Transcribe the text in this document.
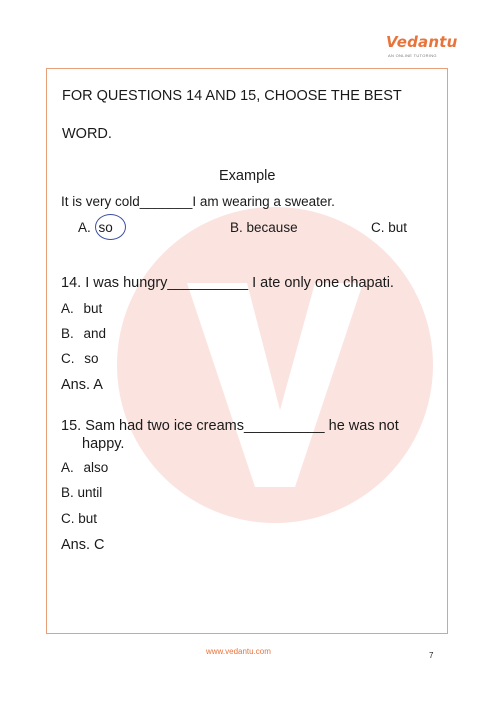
Vedantu
AN ONLINE TUTORING
FOR QUESTIONS 14 AND 15, CHOOSE THE BEST
WORD.
Example
It is very cold_______I am wearing a sweater.
A. so	B. because	C. but
14. I was hungry__________ I ate only one chapati.
A. but
B. and
C. so
Ans. A
15. Sam had two ice creams__________ he was not
happy.
A. also
B. until
C. but
Ans. C
www.vedantu.com	7
